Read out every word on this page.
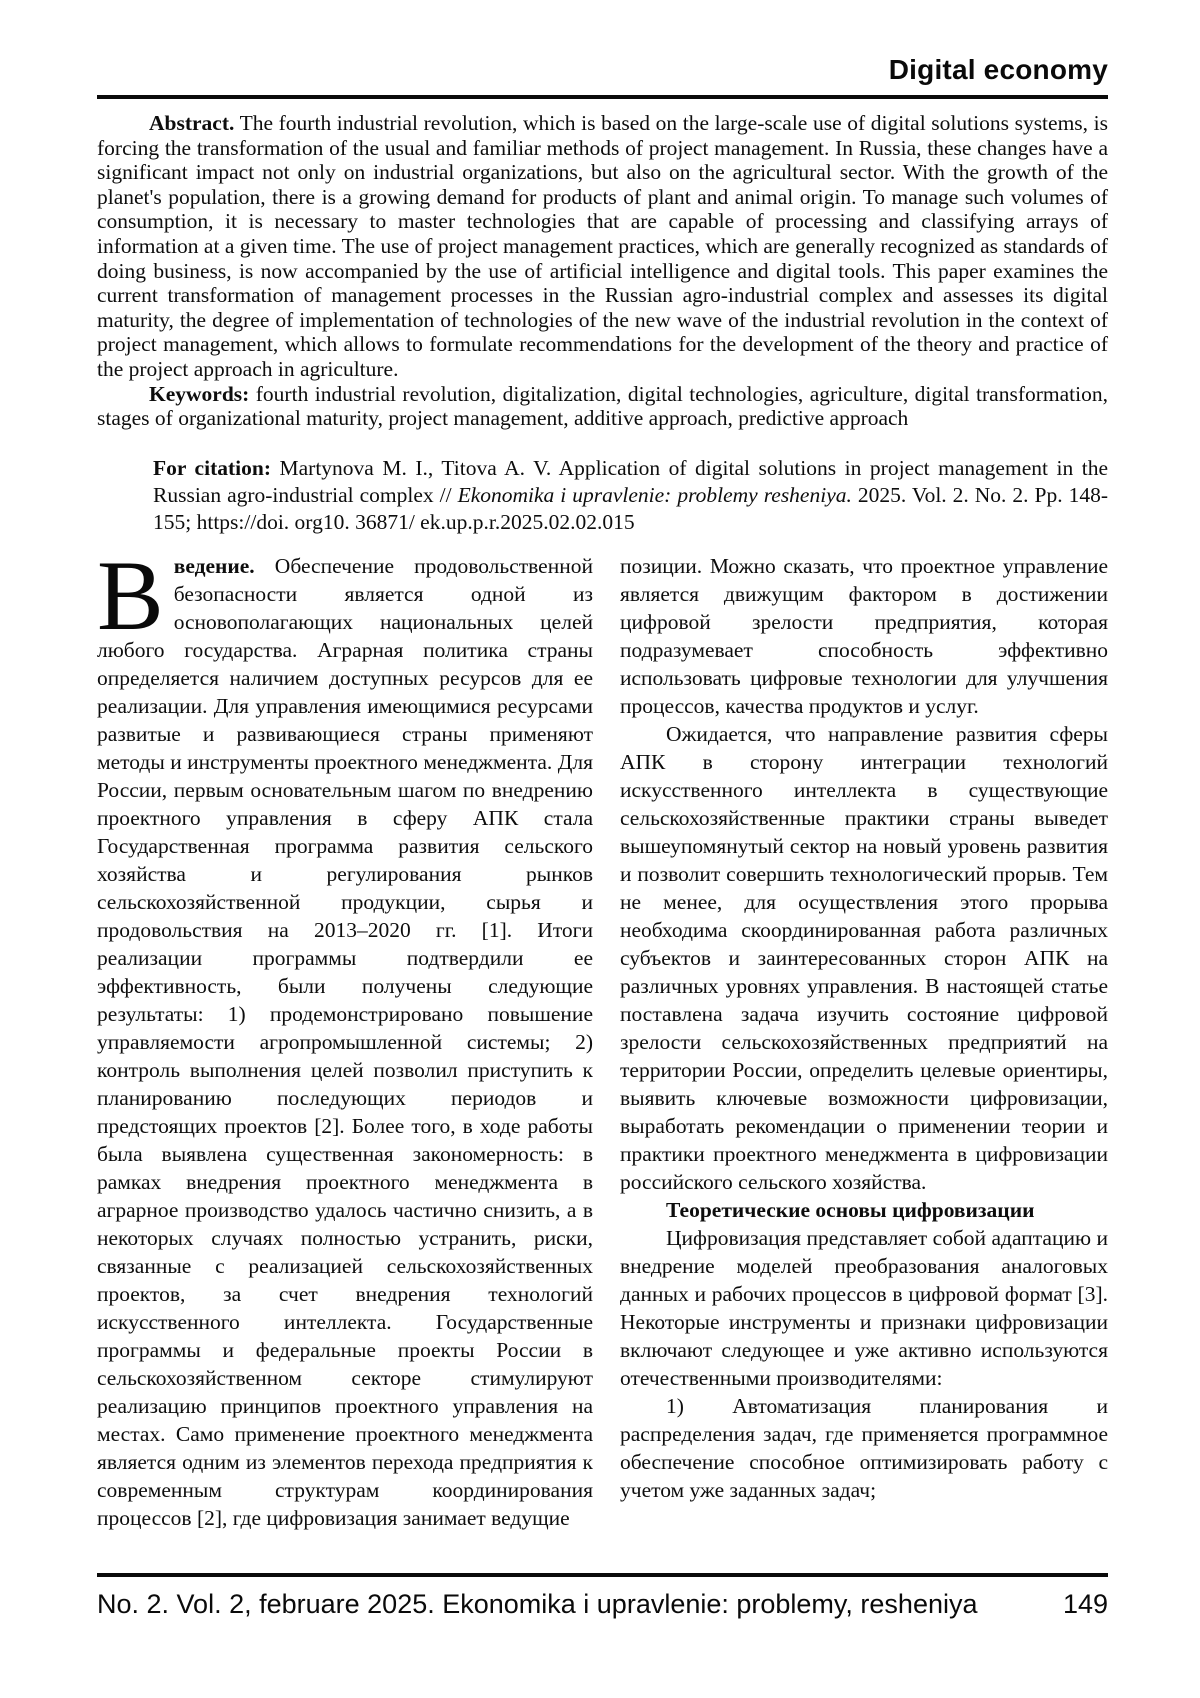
Digital economy

Abstract. The fourth industrial revolution, which is based on the large-scale use of digital solutions systems, is forcing the transformation of the usual and familiar methods of project management. In Russia, these changes have a significant impact not only on industrial organizations, but also on the agricultural sector. With the growth of the planet's population, there is a growing demand for products of plant and animal origin. To manage such volumes of consumption, it is necessary to master technologies that are capable of processing and classifying arrays of information at a given time. The use of project management practices, which are generally recognized as standards of doing business, is now accompanied by the use of artificial intelligence and digital tools. This paper examines the current transformation of management processes in the Russian agro-industrial complex and assesses its digital maturity, the degree of implementation of technologies of the new wave of the industrial revolution in the context of project management, which allows to formulate recommendations for the development of the theory and practice of the project approach in agriculture.

Keywords: fourth industrial revolution, digitalization, digital technologies, agriculture, digital transformation, stages of organizational maturity, project management, additive approach, predictive approach

For citation: Martynova M. I., Titova A. V. Application of digital solutions in project management in the Russian agro-industrial complex // Ekonomika i upravlenie: problemy resheniya. 2025. Vol. 2. No. 2. Pp. 148-155; https://doi. org10. 36871/ ek.up.p.r.2025.02.02.015

Введение. Обеспечение продовольственной безопасности является одной из основополагающих национальных целей любого государства. Аграрная политика страны определяется наличием доступных ресурсов для ее реализации. Для управления имеющимися ресурсами развитые и развивающиеся страны применяют методы и инструменты проектного менеджмента. Для России, первым основательным шагом по внедрению проектного управления в сферу АПК стала Государственная программа развития сельского хозяйства и регулирования рынков сельскохозяйственной продукции, сырья и продовольствия на 2013–2020 гг. [1]. Итоги реализации программы подтвердили ее эффективность, были получены следующие результаты: 1) продемонстрировано повышение управляемости агропромышленной системы; 2) контроль выполнения целей позволил приступить к планированию последующих периодов и предстоящих проектов [2]. Более того, в ходе работы была выявлена существенная закономерность: в рамках внедрения проектного менеджмента в аграрное производство удалось частично снизить, а в некоторых случаях полностью устранить, риски, связанные с реализацией сельскохозяйственных проектов, за счет внедрения технологий искусственного интеллекта. Государственные программы и федеральные проекты России в сельскохозяйственном секторе стимулируют реализацию принципов проектного управления на местах. Само применение проектного менеджмента является одним из элементов перехода предприятия к современным структурам координирования процессов [2], где цифровизация занимает ведущие

позиции. Можно сказать, что проектное управление является движущим фактором в достижении цифровой зрелости предприятия, которая подразумевает способность эффективно использовать цифровые технологии для улучшения процессов, качества продуктов и услуг.

Ожидается, что направление развития сферы АПК в сторону интеграции технологий искусственного интеллекта в существующие сельскохозяйственные практики страны выведет вышеупомянутый сектор на новый уровень развития и позволит совершить технологический прорыв. Тем не менее, для осуществления этого прорыва необходима скоординированная работа различных субъектов и заинтересованных сторон АПК на различных уровнях управления. В настоящей статье поставлена задача изучить состояние цифровой зрелости сельскохозяйственных предприятий на территории России, определить целевые ориентиры, выявить ключевые возможности цифровизации, выработать рекомендации о применении теории и практики проектного менеджмента в цифровизации российского сельского хозяйства.

Теоретические основы цифровизации

Цифровизация представляет собой адаптацию и внедрение моделей преобразования аналоговых данных и рабочих процессов в цифровой формат [3]. Некоторые инструменты и признаки цифровизации включают следующее и уже активно используются отечественными производителями:

1) Автоматизация планирования и распределения задач, где применяется программное обеспечение способное оптимизировать работу с учетом уже заданных задач;

No. 2. Vol. 2, februare 2025. Ekonomika i upravlenie: problemy, resheniya	149
